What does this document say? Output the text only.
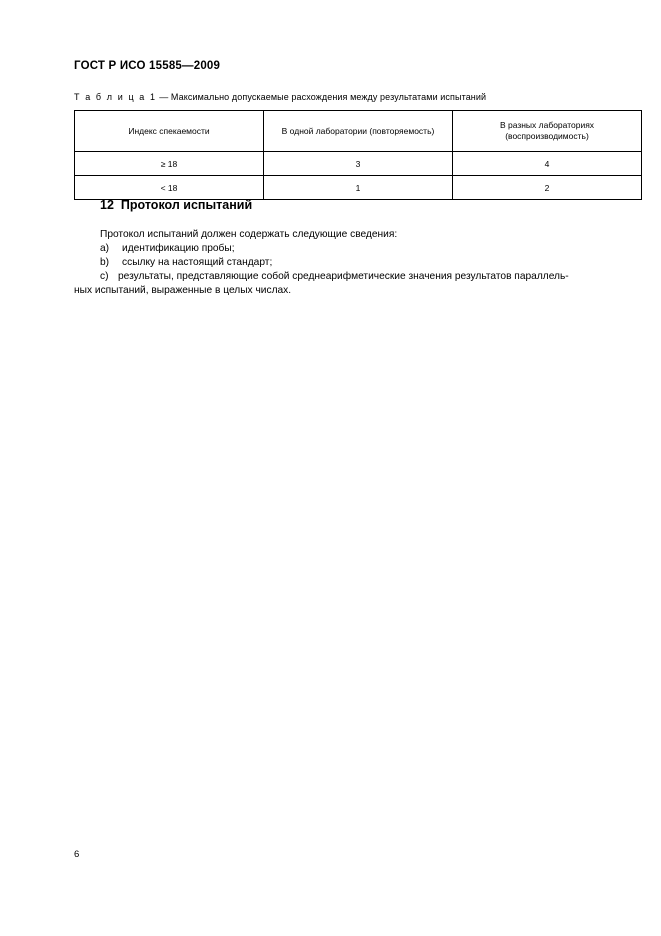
ГОСТ Р ИСО 15585—2009
Т а б л и ц а 1 — Максимально допускаемые расхождения между результатами испытаний
Индекс спекаемости	В одной лаборатории (повторяемость)	В разных лабораториях
(воспроизводимость)
≥ 18	3	4
< 18	1	2
12 Протокол испытаний
Протокол испытаний должен содержать следующие сведения:
a) идентификацию пробы;
b) ссылку на настоящий стандарт;
c) результаты, представляющие собой среднеарифметические значения результатов параллель-
ных испытаний, выраженные в целых числах.
6
